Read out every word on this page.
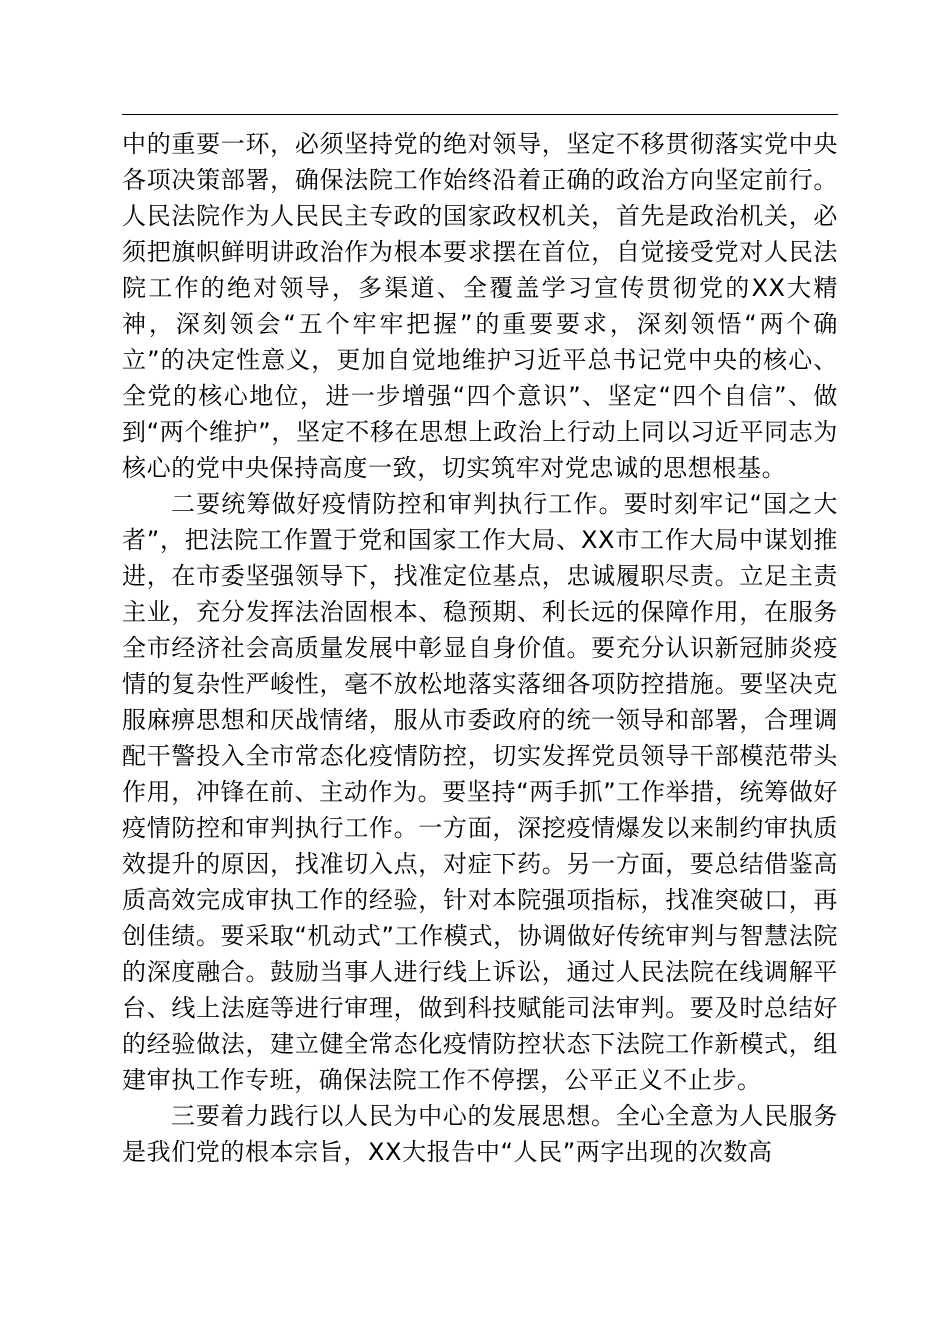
中的重要一环，必须坚持党的绝对领导，坚定不移贯彻落实党中央各项决策部署，确保法院工作始终沿着正确的政治方向坚定前行。人民法院作为人民民主专政的国家政权机关，首先是政治机关，必须把旗帜鲜明讲政治作为根本要求摆在首位，自觉接受党对人民法院工作的绝对领导，多渠道、全覆盖学习宣传贯彻党的XX大精神，深刻领会“五个牢牢把握”的重要要求，深刻领悟“两个确立”的决定性意义，更加自觉地维护习近平总书记党中央的核心、全党的核心地位，进一步增强“四个意识”、坚定“四个自信”、做到“两个维护”，坚定不移在思想上政治上行动上同以习近平同志为核心的党中央保持高度一致，切实筑牢对党忠诚的思想根基。

二要统筹做好疫情防控和审判执行工作。要时刻牢记“国之大者”，把法院工作置于党和国家工作大局、XX市工作大局中谋划推进，在市委坚强领导下，找准定位基点，忠诚履职尽责。立足主责主业，充分发挥法治固根本、稳预期、利长远的保障作用，在服务全市经济社会高质量发展中彰显自身价值。要充分认识新冠肺炎疫情的复杂性严峻性，毫不放松地落实落细各项防控措施。要坚决克服麻痹思想和厌战情绪，服从市委政府的统一领导和部署，合理调配干警投入全市常态化疫情防控，切实发挥党员领导干部模范带头作用，冲锋在前、主动作为。要坚持“两手抓”工作举措，统筹做好疫情防控和审判执行工作。一方面，深挖疫情爆发以来制约审执质效提升的原因，找准切入点，对症下药。另一方面，要总结借鉴高质高效完成审执工作的经验，针对本院强项指标，找准突破口，再创佳绩。要采取“机动式”工作模式，协调做好传统审判与智慧法院的深度融合。鼓励当事人进行线上诉讼，通过人民法院在线调解平台、线上法庭等进行审理，做到科技赋能司法审判。要及时总结好的经验做法，建立健全常态化疫情防控状态下法院工作新模式，组建审执工作专班，确保法院工作不停摆，公平正义不止步。

三要着力践行以人民为中心的发展思想。全心全意为人民服务是我们党的根本宗旨，XX大报告中“人民”两字出现的次数高
